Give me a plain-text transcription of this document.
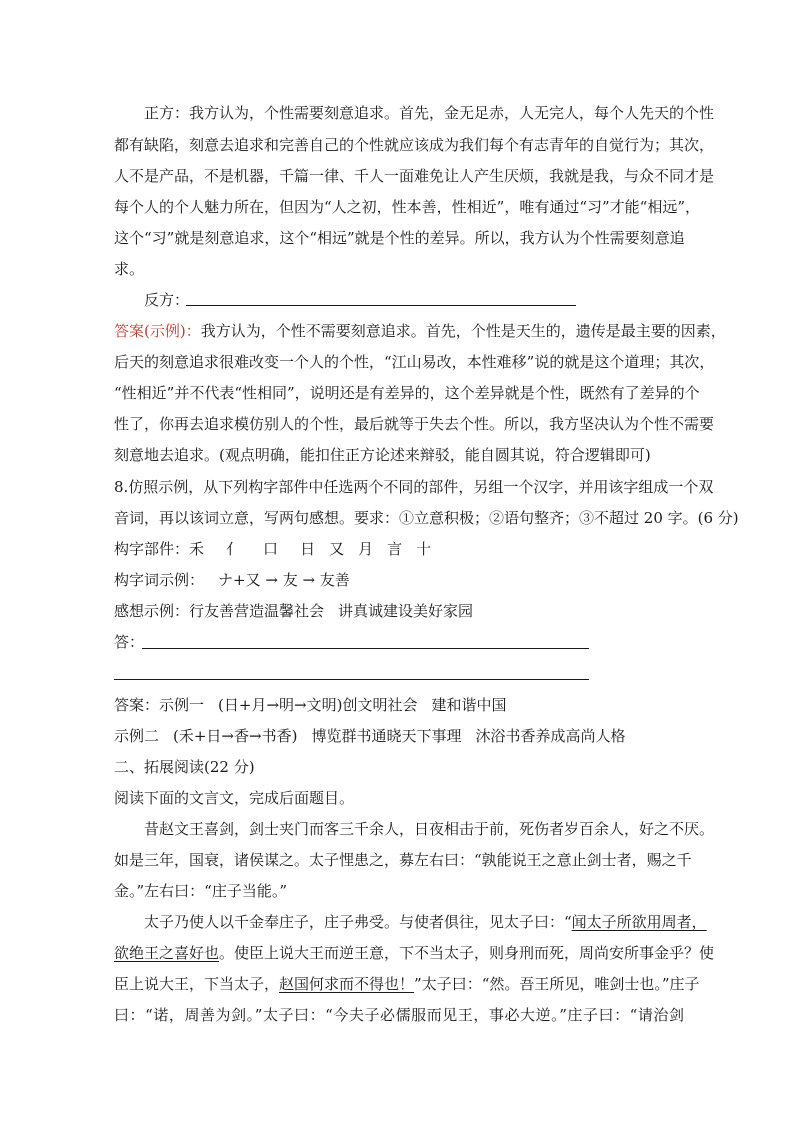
正方：我方认为，个性需要刻意追求。首先，金无足赤，人无完人，每个人先天的个性
都有缺陷，刻意去追求和完善自己的个性就应该成为我们每个有志青年的自觉行为；其次，
人不是产品，不是机器，千篇一律、千人一面难免让人产生厌烦，我就是我，与众不同才是
每个人的个人魅力所在，但因为“人之初，性本善，性相近”，唯有通过“习”才能“相远”，
这个“习”就是刻意追求，这个“相远”就是个性的差异。所以，我方认为个性需要刻意追
求。
反方：
答案(示例)：我方认为，个性不需要刻意追求。首先，个性是天生的，遗传是最主要的因素，
后天的刻意追求很难改变一个人的个性，“江山易改，本性难移”说的就是这个道理；其次，
“性相近”并不代表“性相同”，说明还是有差异的，这个差异就是个性，既然有了差异的个
性了，你再去追求模仿别人的个性，最后就等于失去个性。所以，我方坚决认为个性不需要
刻意地去追求。(观点明确，能扣住正方论述来辩驳，能自圆其说，符合逻辑即可)
8.仿照示例，从下列构字部件中任选两个不同的部件，另组一个汉字，并用该字组成一个双
音词，再以该词立意，写两句感想。要求：①立意积极；②语句整齐；③不超过 20 字。(6 分)
构字部件：禾 亻 口 日 又 月 言 十
构字词示例： ナ+又 → 友 → 友善
感想示例：行友善营造温馨社会 讲真诚建设美好家园
答：
答案：示例一 (日+月→明→文明)创文明社会 建和谐中国
示例二 (禾+日→香→书香) 博览群书通晓天下事理 沐浴书香养成高尚人格
二、拓展阅读(22 分)
阅读下面的文言文，完成后面题目。
昔赵文王喜剑，剑士夹门而客三千余人，日夜相击于前，死伤者岁百余人，好之不厌。
如是三年，国衰，诸侯谋之。太子悝患之，募左右曰：“孰能说王之意止剑士者，赐之千
金。”左右曰：“庄子当能。”
太子乃使人以千金奉庄子，庄子弗受。与使者俱往，见太子曰：“闻太子所欲用周者，
欲绝王之喜好也。使臣上说大王而逆王意，下不当太子，则身刑而死，周尚安所事金乎？使
臣上说大王，下当太子，赵国何求而不得也！”太子曰：“然。吾王所见，唯剑士也。”庄子
曰：“诺，周善为剑。”太子曰：“今夫子必儒服而见王，事必大逆。”庄子曰：“请治剑
